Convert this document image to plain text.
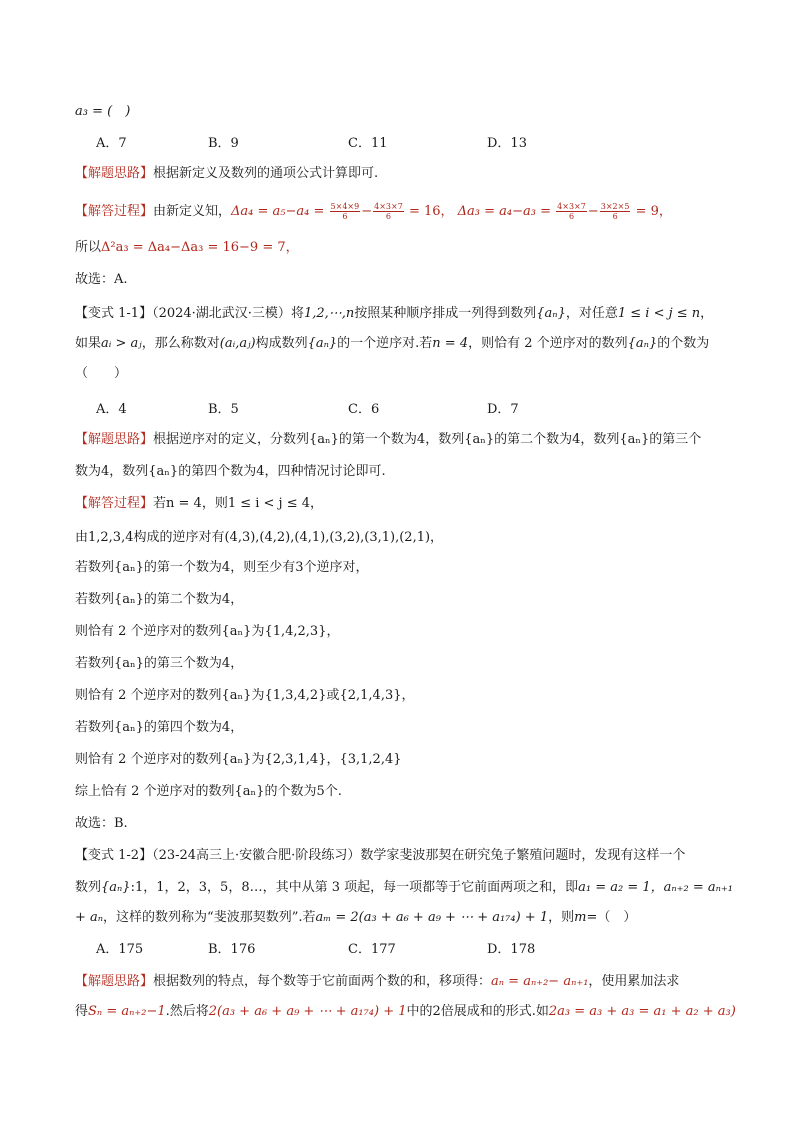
a₃ = (　)
A．7	B．9	C．11	D．13
【解题思路】根据新定义及数列的通项公式计算即可.
【解答过程】由新定义知，$\Delta a_4 = a_5-a_4 = \frac{5\times 4\times 9}{6} - \frac{4\times 3\times 7}{6} = 16$， $\Delta a_3 = a_4-a_3 = \frac{4\times 3\times 7}{6} - \frac{3\times 2\times 5}{6} = 9$，
所以Δ²a₃ = Δa₄−Δa₃ = 16−9 = 7，
故选：A.
【变式 1-1】（2024·湖北武汉·三模）将1,2,⋯,n按照某种顺序排成一列得到数列{aₙ}，对任意1 ≤ i < j ≤ n，
如果aᵢ > aⱼ，那么称数对(aᵢ,aⱼ)构成数列{aₙ}的一个逆序对.若n = 4，则恰有 2 个逆序对的数列{aₙ}的个数为
（　　）
A．4	B．5	C．6	D．7
【解题思路】根据逆序对的定义，分数列{aₙ}的第一个数为4，数列{aₙ}的第二个数为4，数列{aₙ}的第三个
数为4，数列{aₙ}的第四个数为4，四种情况讨论即可.
【解答过程】若n = 4，则1 ≤ i < j ≤ 4，
由1,2,3,4构成的逆序对有(4,3),(4,2),(4,1),(3,2),(3,1),(2,1)，
若数列{aₙ}的第一个数为4，则至少有3个逆序对，
若数列{aₙ}的第二个数为4，
则恰有 2 个逆序对的数列{aₙ}为{1,4,2,3}，
若数列{aₙ}的第三个数为4，
则恰有 2 个逆序对的数列{aₙ}为{1,3,4,2}或{2,1,4,3}，
若数列{aₙ}的第四个数为4，
则恰有 2 个逆序对的数列{aₙ}为{2,3,1,4}，{3,1,2,4}
综上恰有 2 个逆序对的数列{aₙ}的个数为5个.
故选：B.
【变式 1-2】（23-24高三上·安徽合肥·阶段练习）数学家斐波那契在研究兔子繁殖问题时，发现有这样一个
数列{aₙ}:1，1，2，3，5，8…，其中从第 3 项起，每一项都等于它前面两项之和，即a₁ = a₂ = 1，aₙ₊₂ = aₙ₊₁
+ aₙ，这样的数列称为“斐波那契数列”.若aₘ = 2(a₃ + a₆ + a₉ + ⋯ + a₁₇₄) + 1，则m=（　）
A．175	B．176	C．177	D．178
【解题思路】根据数列的特点，每个数等于它前面两个数的和，移项得：aₙ = aₙ₊₂− aₙ₊₁，使用累加法求
得Sₙ = aₙ₊₂−1.然后将2(a₃ + a₆ + a₉ + ⋯ + a₁₇₄) + 1中的2倍展成和的形式.如2a₃ = a₃ + a₃ = a₁ + a₂ + a₃)
